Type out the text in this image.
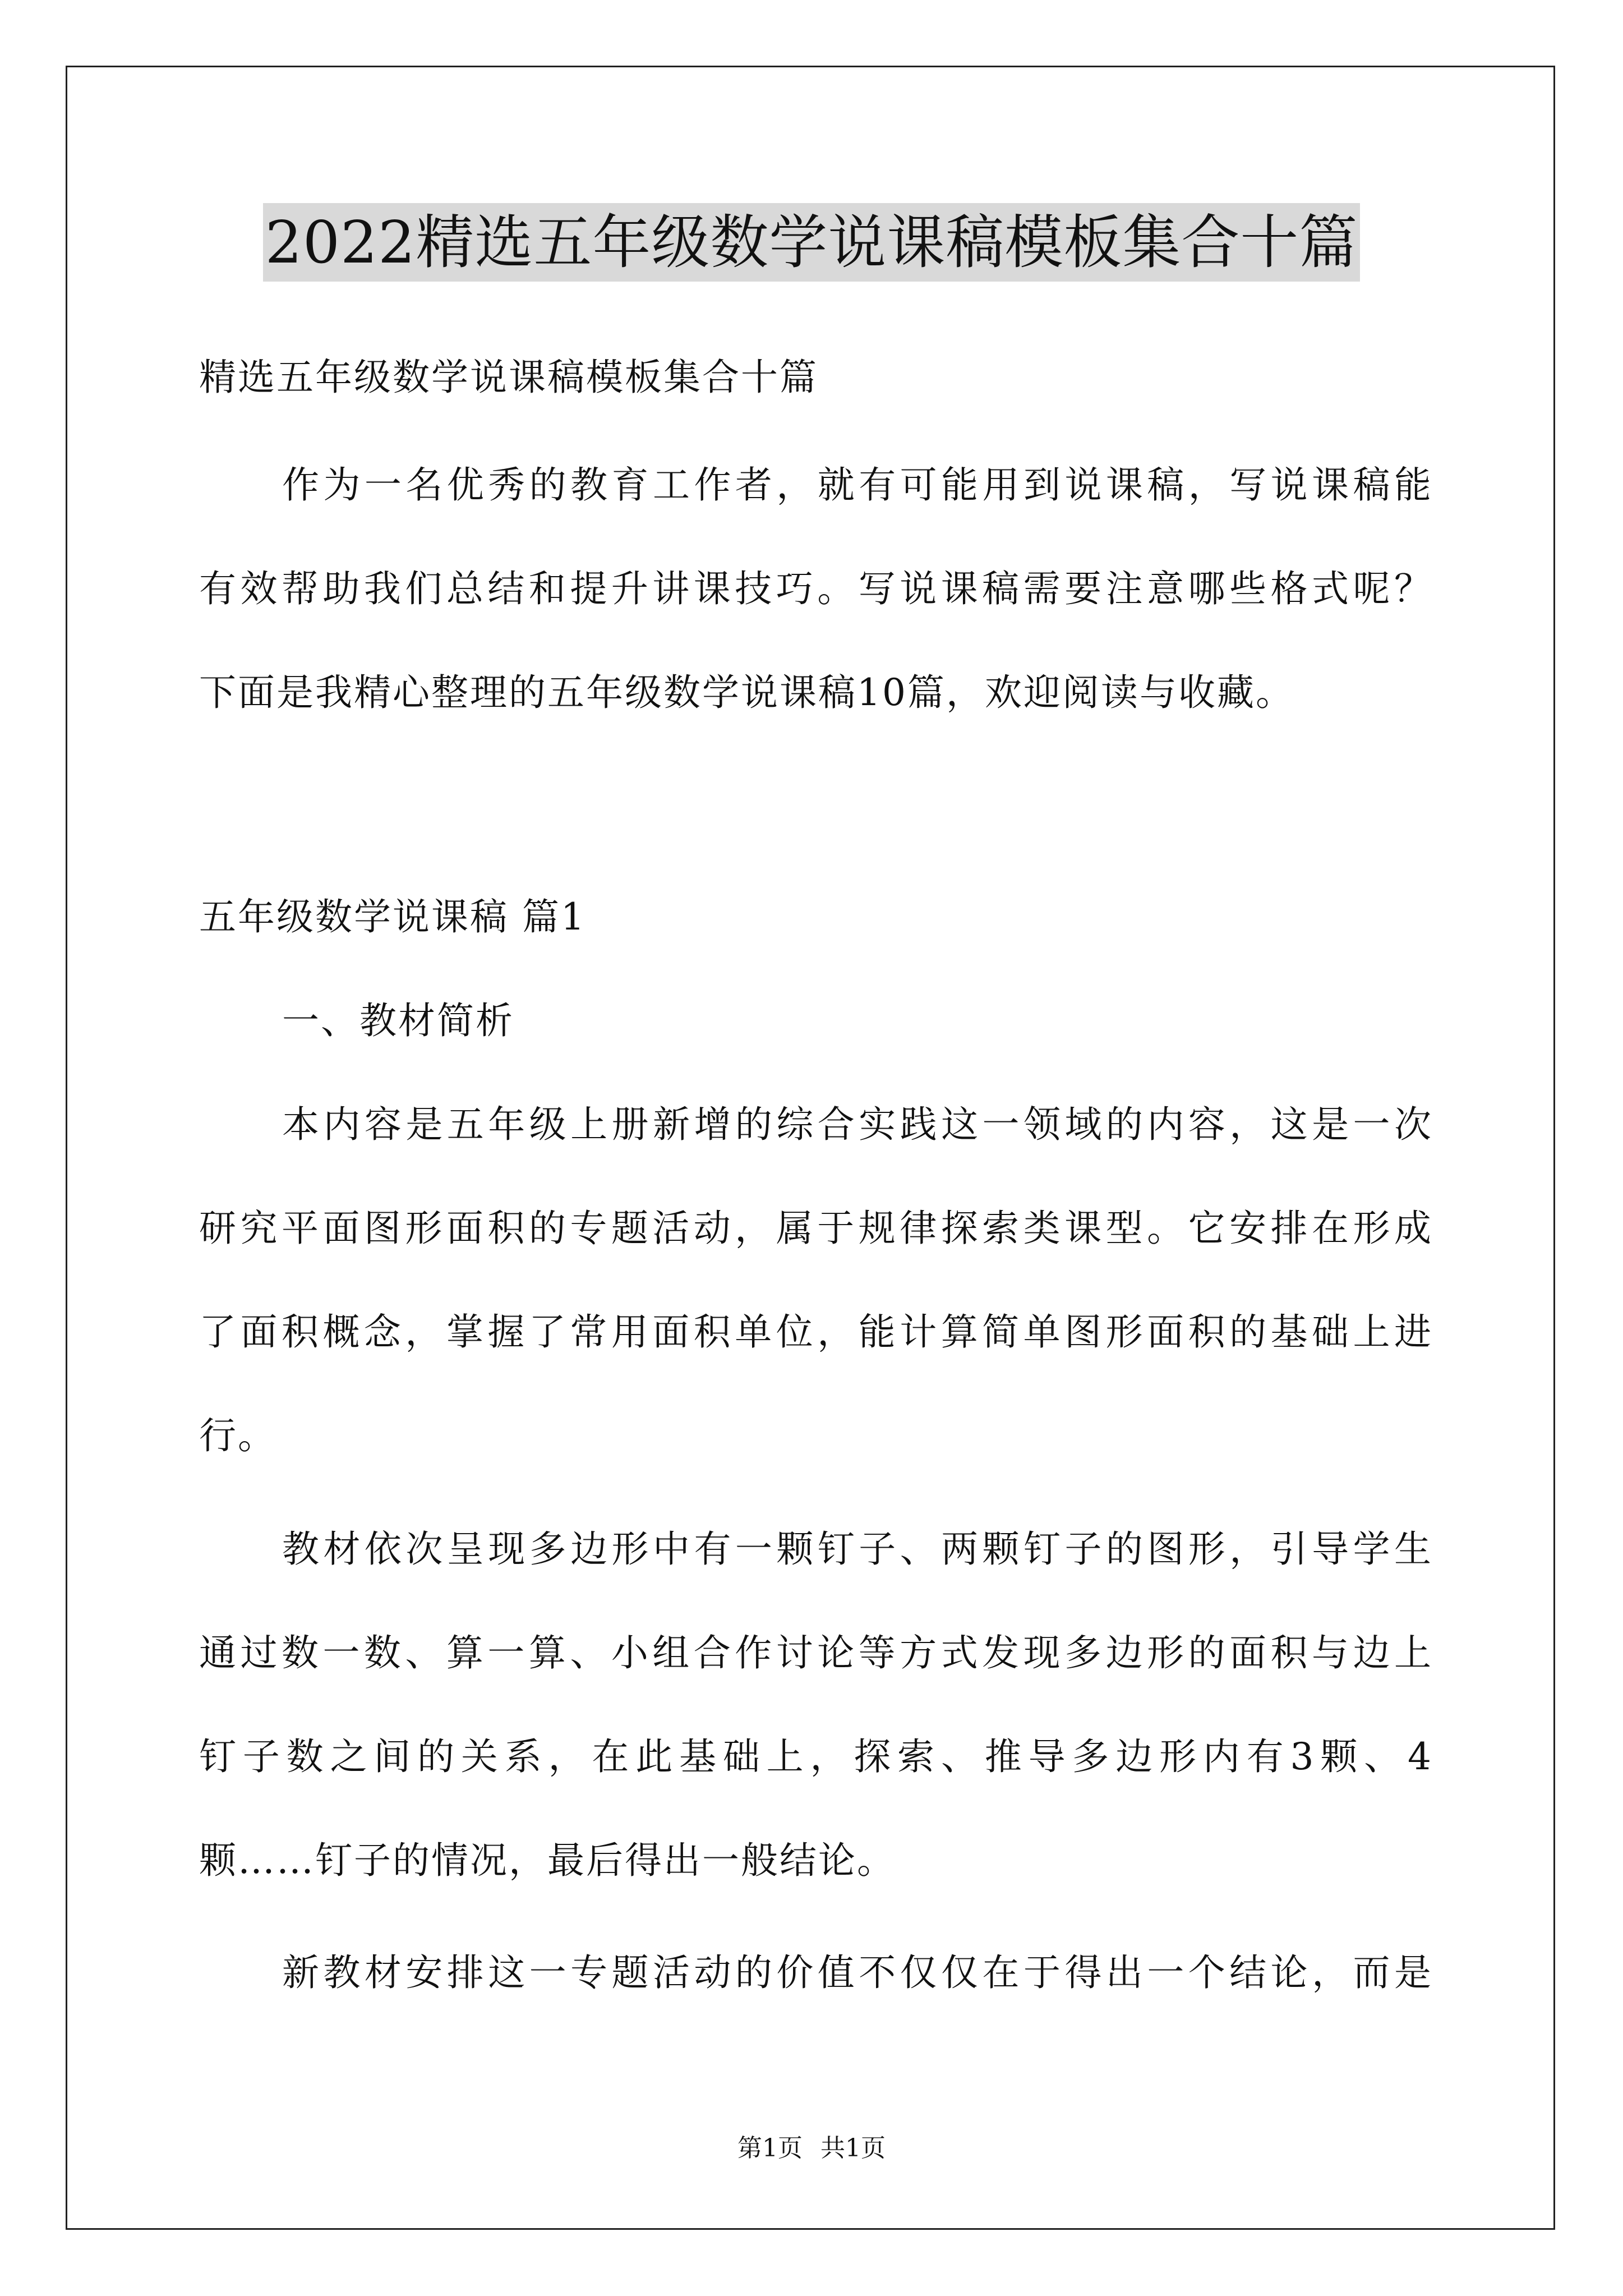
2022精选五年级数学说课稿模板集合十篇
精选五年级数学说课稿模板集合十篇
作为一名优秀的教育工作者，就有可能用到说课稿，写说课稿能
有效帮助我们总结和提升讲课技巧。写说课稿需要注意哪些格式呢？
下面是我精心整理的五年级数学说课稿10篇，欢迎阅读与收藏。
五年级数学说课稿 篇1
一、教材简析
本内容是五年级上册新增的综合实践这一领域的内容，这是一次
研究平面图形面积的专题活动，属于规律探索类课型。它安排在形成
了面积概念，掌握了常用面积单位，能计算简单图形面积的基础上进
行。
教材依次呈现多边形中有一颗钉子、两颗钉子的图形，引导学生
通过数一数、算一算、小组合作讨论等方式发现多边形的面积与边上
钉子数之间的关系，在此基础上，探索、推导多边形内有3颗、4
颗……钉子的情况，最后得出一般结论。
新教材安排这一专题活动的价值不仅仅在于得出一个结论，而是
第1页 共1页
